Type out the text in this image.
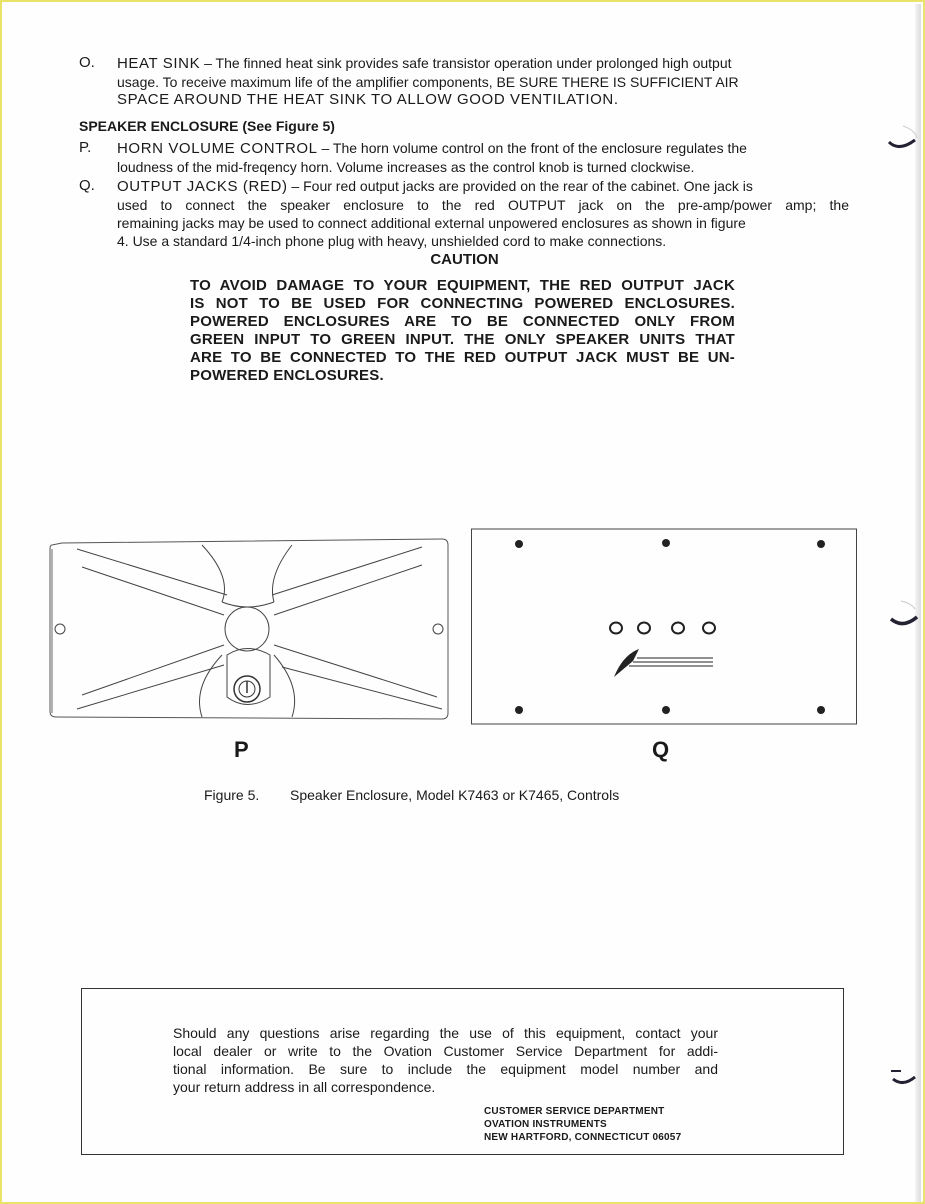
O. HEAT SINK – The finned heat sink provides safe transistor operation under prolonged high output
usage. To receive maximum life of the amplifier components, BE SURE THERE IS SUFFICIENT AIR
SPACE AROUND THE HEAT SINK TO ALLOW GOOD VENTILATION.
SPEAKER ENCLOSURE (See Figure 5)
P. HORN VOLUME CONTROL – The horn volume control on the front of the enclosure regulates the
loudness of the mid-freqency horn. Volume increases as the control knob is turned clockwise.
Q. OUTPUT JACKS (RED) – Four red output jacks are provided on the rear of the cabinet. One jack is
used to connect the speaker enclosure to the red OUTPUT jack on the pre-amp/power amp; the
remaining jacks may be used to connect additional external unpowered enclosures as shown in figure
4. Use a standard 1/4-inch phone plug with heavy, unshielded cord to make connections.
CAUTION
TO AVOID DAMAGE TO YOUR EQUIPMENT, THE RED OUTPUT JACK
IS NOT TO BE USED FOR CONNECTING POWERED ENCLOSURES.
POWERED ENCLOSURES ARE TO BE CONNECTED ONLY FROM
GREEN INPUT TO GREEN INPUT. THE ONLY SPEAKER UNITS THAT
ARE TO BE CONNECTED TO THE RED OUTPUT JACK MUST BE UN-
POWERED ENCLOSURES.
P	Q
Figure 5. Speaker Enclosure, Model K7463 or K7465, Controls
Should any questions arise regarding the use of this equipment, contact your
local dealer or write to the Ovation Customer Service Department for addi-
tional information. Be sure to include the equipment model number and
your return address in all correspondence.
CUSTOMER SERVICE DEPARTMENT
OVATION INSTRUMENTS
NEW HARTFORD, CONNECTICUT 06057
